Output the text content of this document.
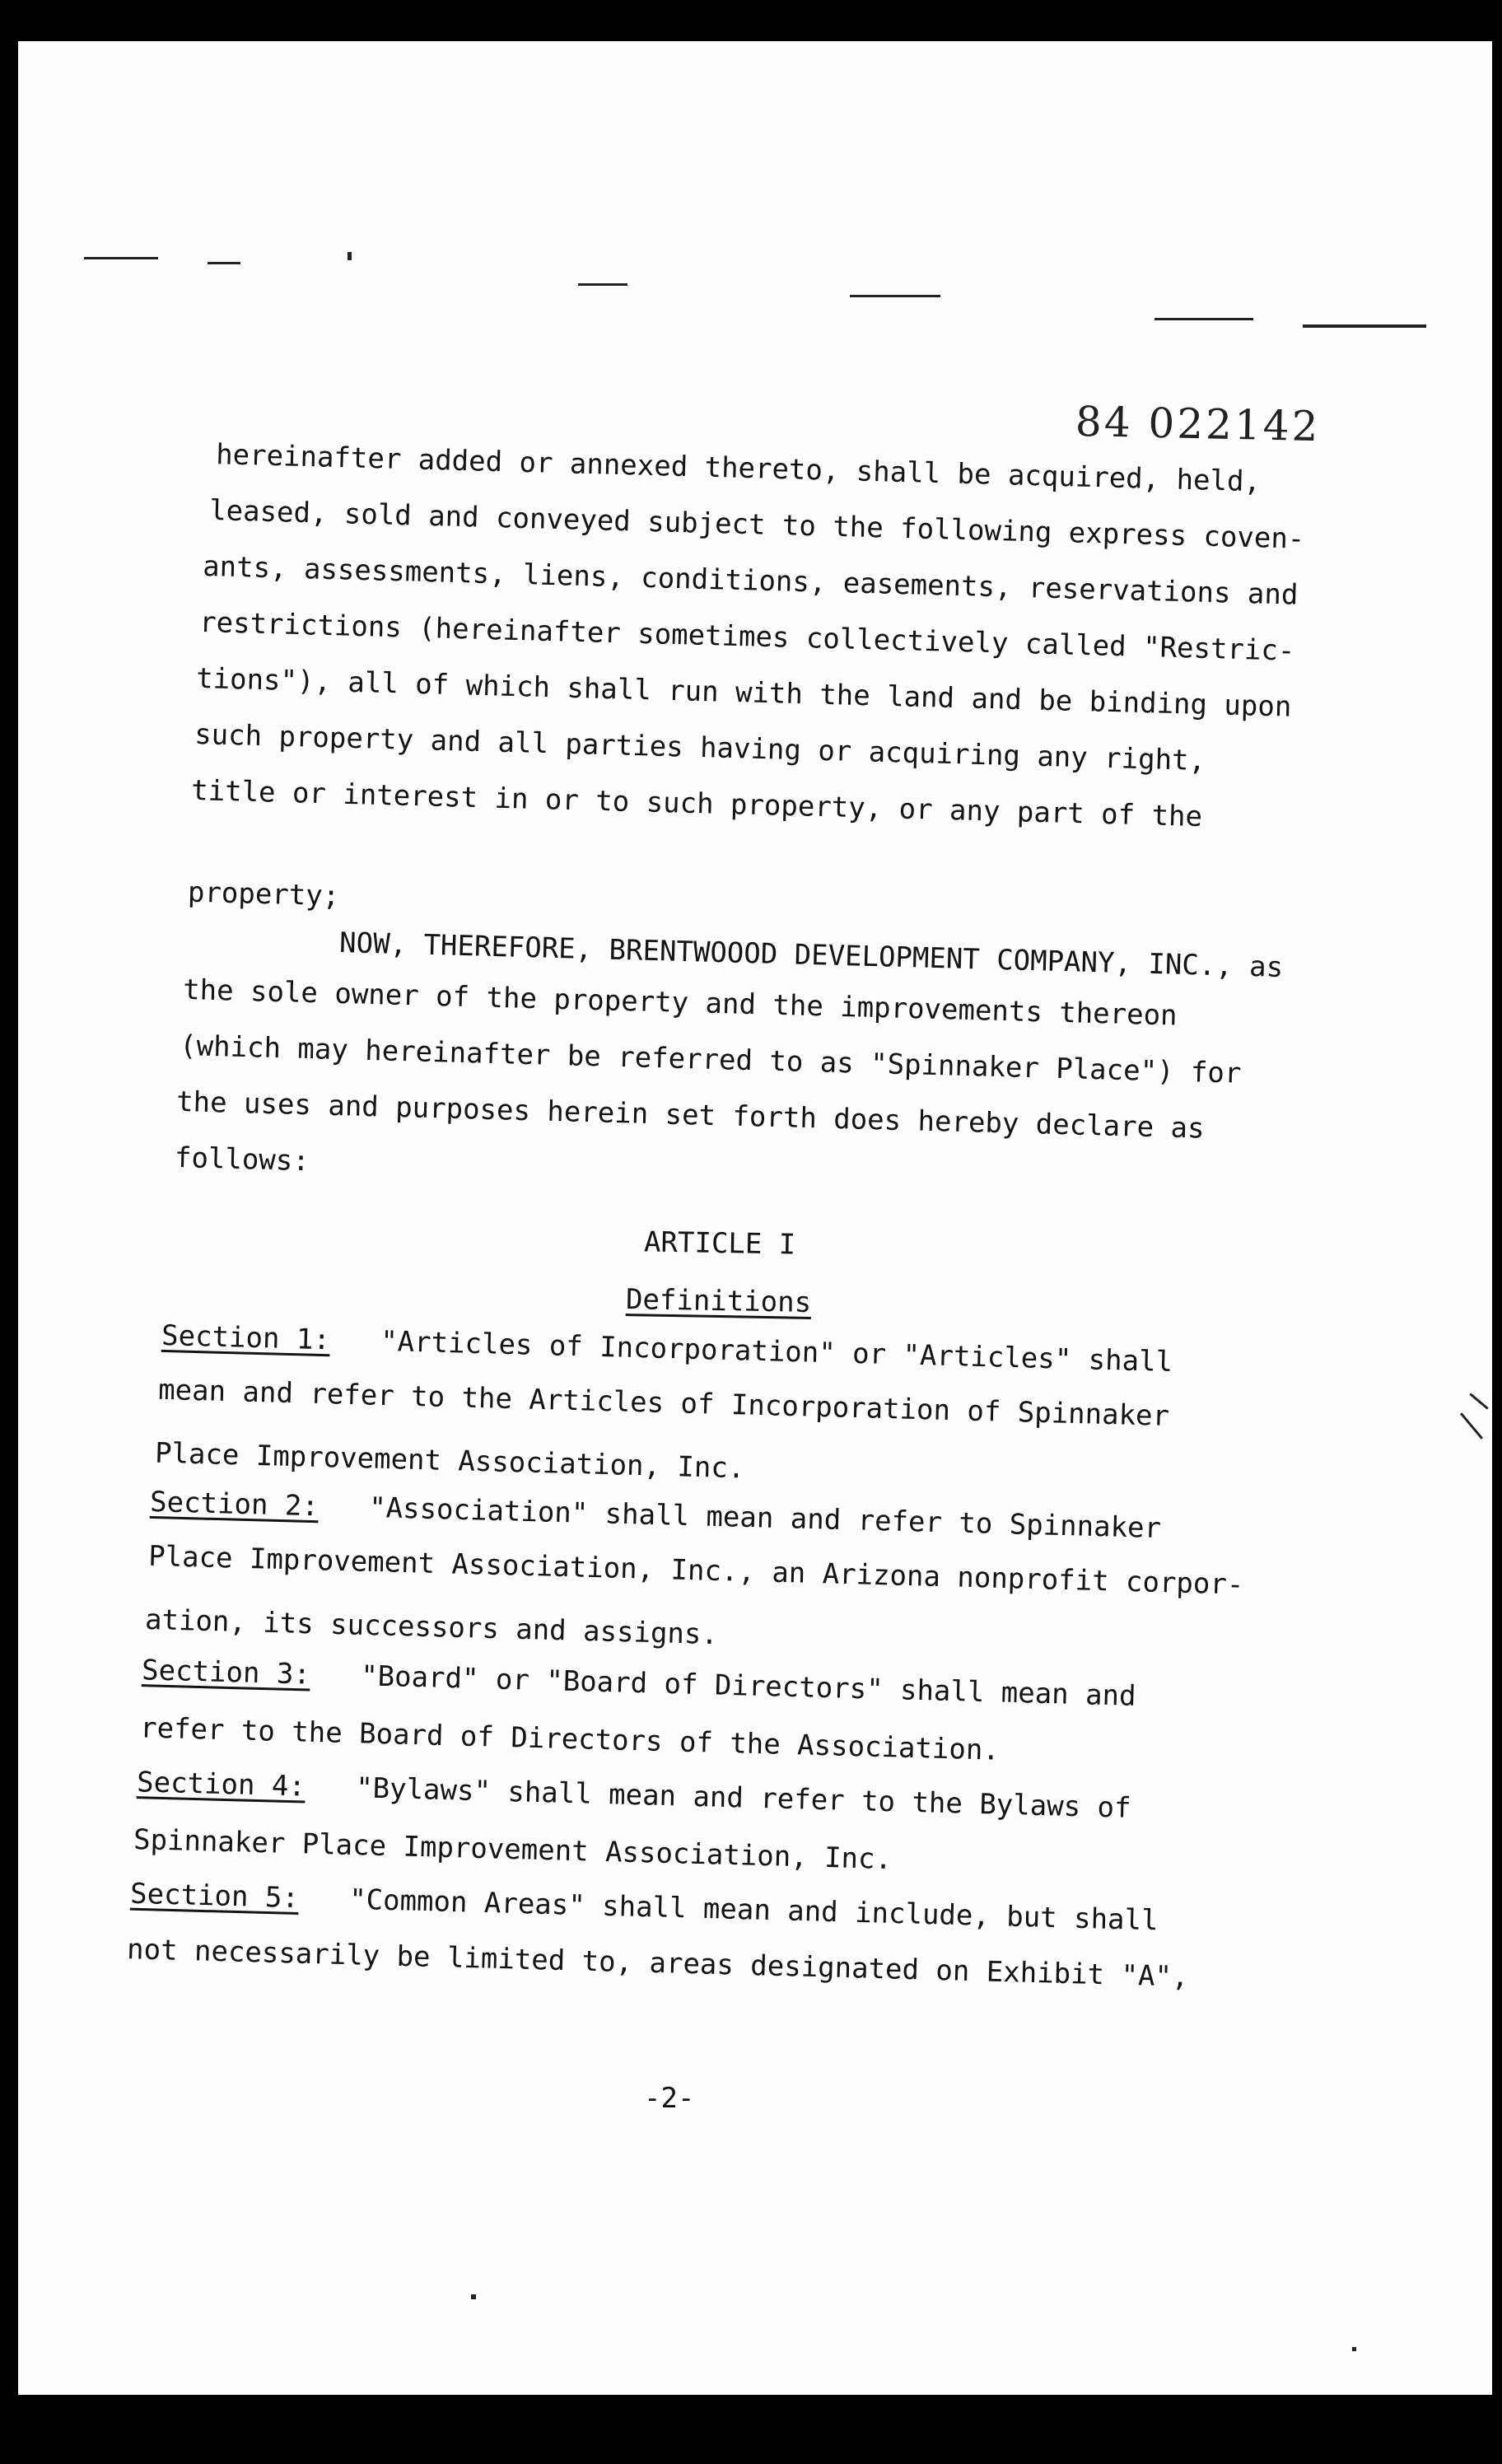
84 022142
hereinafter added or annexed thereto, shall be acquired, held,
leased, sold and conveyed subject to the following express coven-
ants, assessments, liens, conditions, easements, reservations and
restrictions (hereinafter sometimes collectively called "Restric-
tions"), all of which shall run with the land and be binding upon
such property and all parties having or acquiring any right,
title or interest in or to such property, or any part of the
property;
NOW, THEREFORE, BRENTWOOOD DEVELOPMENT COMPANY, INC., as
the sole owner of the property and the improvements thereon
(which may hereinafter be referred to as "Spinnaker Place") for
the uses and purposes herein set forth does hereby declare as
follows:
ARTICLE I
Definitions
Section 1: "Articles of Incorporation" or "Articles" shall
mean and refer to the Articles of Incorporation of Spinnaker
Place Improvement Association, Inc.
Section 2: "Association" shall mean and refer to Spinnaker
Place Improvement Association, Inc., an Arizona nonprofit corpor-
ation, its successors and assigns.
Section 3: "Board" or "Board of Directors" shall mean and
refer to the Board of Directors of the Association.
Section 4: "Bylaws" shall mean and refer to the Bylaws of
Spinnaker Place Improvement Association, Inc.
Section 5: "Common Areas" shall mean and include, but shall
not necessarily be limited to, areas designated on Exhibit "A",
-2-
